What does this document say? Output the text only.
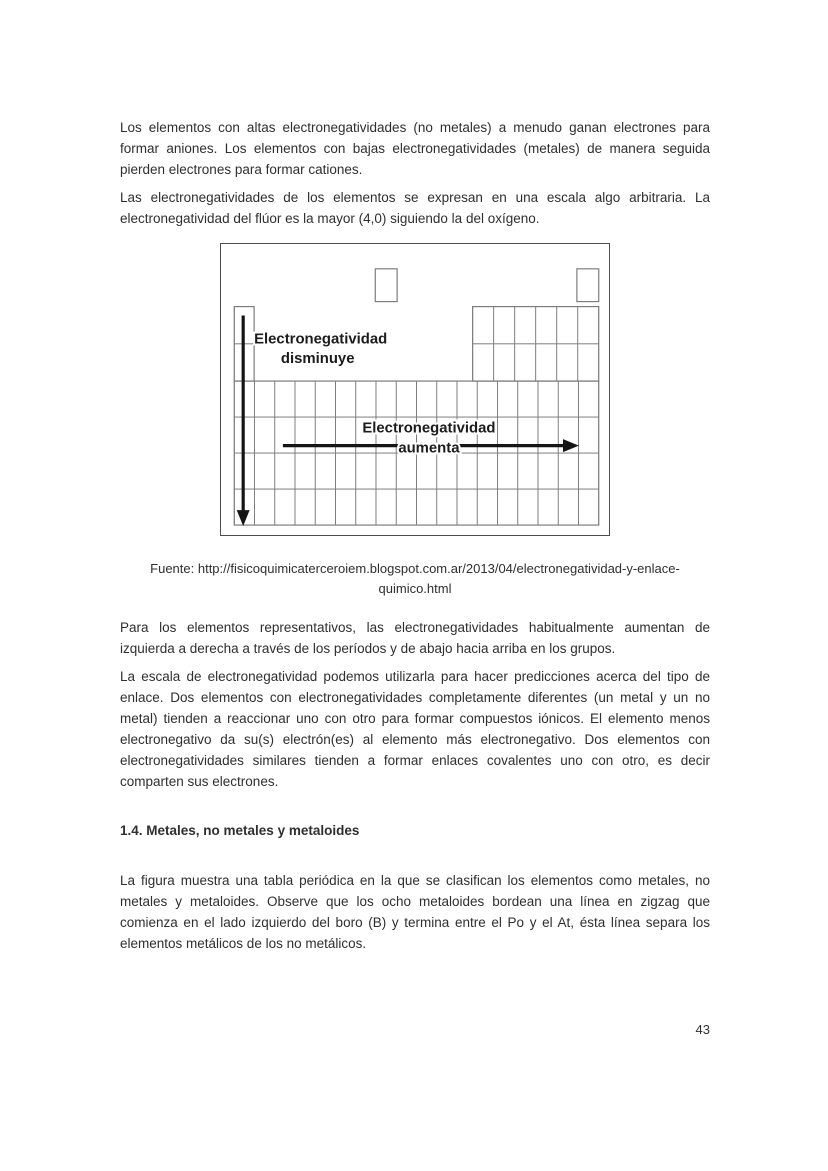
Los elementos con altas electronegatividades (no metales) a menudo ganan electrones para formar aniones. Los elementos con bajas electronegatividades (metales) de manera seguida pierden electrones para formar cationes.

Las electronegatividades de los elementos se expresan en una escala algo arbitraria. La electronegatividad del flúor es la mayor (4,0) siguiendo la del oxígeno.

Electronegatividad
disminuye
Electronegatividad
aumenta

Fuente: http://fisicoquimicaterceroiem.blogspot.com.ar/2013/04/electronegatividad-y-enlace-quimico.html

Para los elementos representativos, las electronegatividades habitualmente aumentan de izquierda a derecha a través de los períodos y de abajo hacia arriba en los grupos.

La escala de electronegatividad podemos utilizarla para hacer predicciones acerca del tipo de enlace. Dos elementos con electronegatividades completamente diferentes (un metal y un no metal) tienden a reaccionar uno con otro para formar compuestos iónicos. El elemento menos electronegativo da su(s) electrón(es) al elemento más electronegativo. Dos elementos con electronegatividades similares tienden a formar enlaces covalentes uno con otro, es decir comparten sus electrones.

1.4. Metales, no metales y metaloides

La figura muestra una tabla periódica en la que se clasifican los elementos como metales, no metales y metaloides. Observe que los ocho metaloides bordean una línea en zigzag que comienza en el lado izquierdo del boro (B) y termina entre el Po y el At, ésta línea separa los elementos metálicos de los no metálicos.

43
